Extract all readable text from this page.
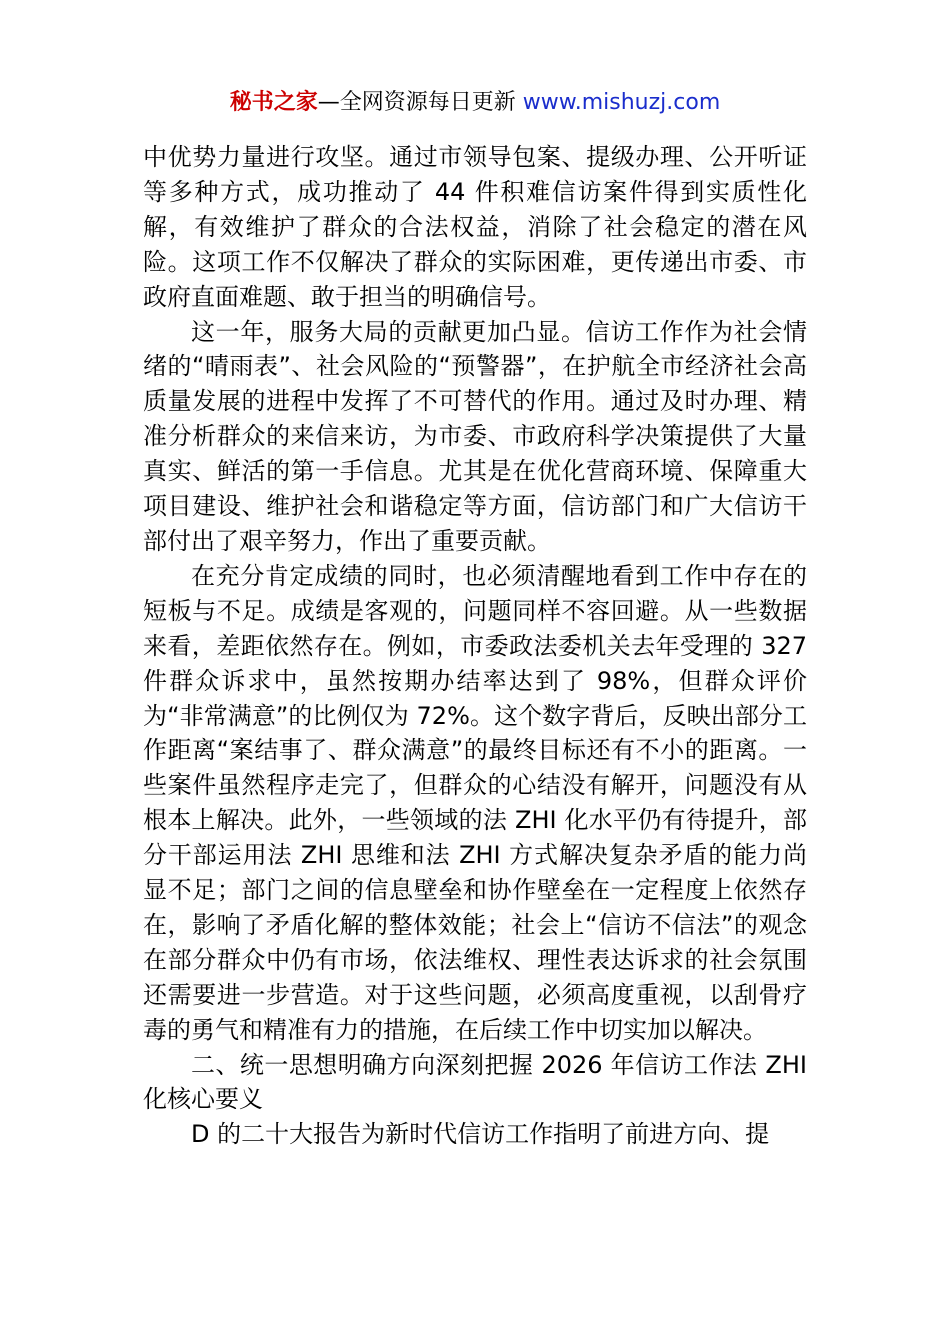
秘书之家—全网资源每日更新 www.mishuzj.com

中优势力量进行攻坚。通过市领导包案、提级办理、公开听证等多种方式，成功推动了 44 件积难信访案件得到实质性化解，有效维护了群众的合法权益，消除了社会稳定的潜在风险。这项工作不仅解决了群众的实际困难，更传递出市委、市政府直面难题、敢于担当的明确信号。

这一年，服务大局的贡献更加凸显。信访工作作为社会情绪的“晴雨表”、社会风险的“预警器”，在护航全市经济社会高质量发展的进程中发挥了不可替代的作用。通过及时办理、精准分析群众的来信来访，为市委、市政府科学决策提供了大量真实、鲜活的第一手信息。尤其是在优化营商环境、保障重大项目建设、维护社会和谐稳定等方面，信访部门和广大信访干部付出了艰辛努力，作出了重要贡献。

在充分肯定成绩的同时，也必须清醒地看到工作中存在的短板与不足。成绩是客观的，问题同样不容回避。从一些数据来看，差距依然存在。例如，市委政法委机关去年受理的 327 件群众诉求中，虽然按期办结率达到了 98%，但群众评价为“非常满意”的比例仅为 72%。这个数字背后，反映出部分工作距离“案结事了、群众满意”的最终目标还有不小的距离。一些案件虽然程序走完了，但群众的心结没有解开，问题没有从根本上解决。此外，一些领域的法 ZHI 化水平仍有待提升，部分干部运用法 ZHI 思维和法 ZHI 方式解决复杂矛盾的能力尚显不足；部门之间的信息壁垒和协作壁垒在一定程度上依然存在，影响了矛盾化解的整体效能；社会上“信访不信法”的观念在部分群众中仍有市场，依法维权、理性表达诉求的社会氛围还需要进一步营造。对于这些问题，必须高度重视，以刮骨疗毒的勇气和精准有力的措施，在后续工作中切实加以解决。

二、统一思想明确方向深刻把握 2026 年信访工作法 ZHI 化核心要义

D 的二十大报告为新时代信访工作指明了前进方向、提
